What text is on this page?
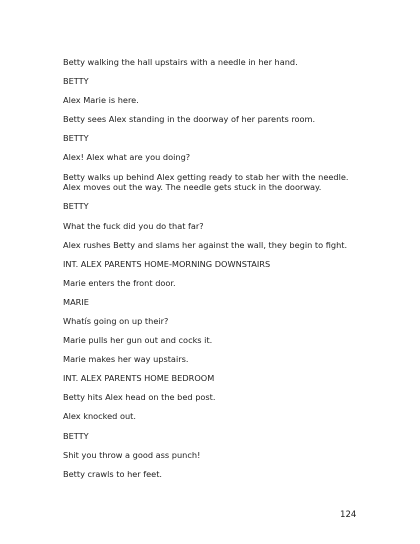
Betty walking the hall upstairs with a needle in her hand.

BETTY

Alex Marie is here.

Betty sees Alex standing in the doorway of her parents room.

BETTY

Alex! Alex what are you doing?

Betty walks up behind Alex getting ready to stab her with the needle. Alex moves out the way. The needle gets stuck in the doorway.

BETTY

What the fuck did you do that far?

Alex rushes Betty and slams her against the wall, they begin to fight.

INT. ALEX PARENTS HOME-MORNING DOWNSTAIRS

Marie enters the front door.

MARIE

Whatís going on up their?

Marie pulls her gun out and cocks it.

Marie makes her way upstairs.

INT. ALEX PARENTS HOME BEDROOM

Betty hits Alex head on the bed post.

Alex knocked out.

BETTY

Shit you throw a good ass punch!

Betty crawls to her feet.

124
